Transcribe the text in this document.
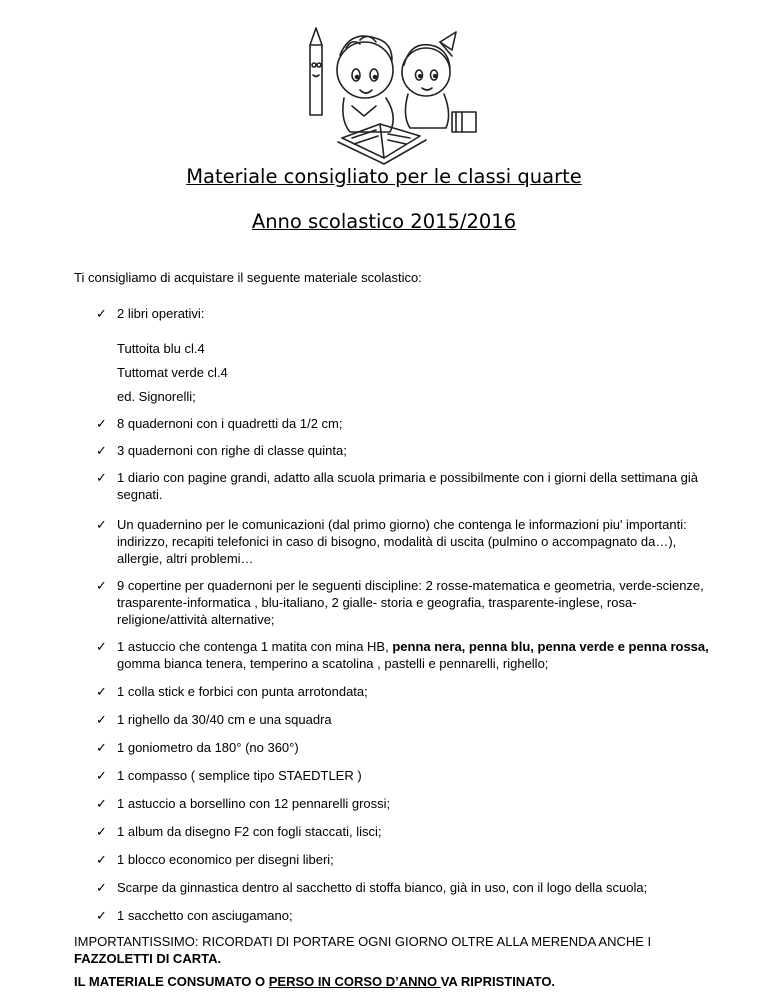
Materiale consigliato per le classi quarte
Anno scolastico 2015/2016
Ti consigliamo di acquistare il seguente materiale scolastico:
✓ 2 libri operativi:
Tuttoita blu cl.4
Tuttomat verde cl.4
ed. Signorelli;
✓ 8 quadernoni con i quadretti da 1/2 cm;
✓ 3 quadernoni con righe di classe quinta;
✓ 1 diario con pagine grandi, adatto alla scuola primaria e possibilmente con i giorni della settimana già segnati.
✓ Un quadernino per le comunicazioni (dal primo giorno) che contenga le informazioni piu' importanti: indirizzo, recapiti telefonici in caso di bisogno, modalità di uscita (pulmino o accompagnato da…), allergie, altri problemi…
✓ 9 copertine per quadernoni per le seguenti discipline: 2 rosse-matematica e geometria, verde-scienze, trasparente-informatica , blu-italiano, 2 gialle- storia e geografia, trasparente-inglese, rosa-religione/attività alternative;
✓ 1 astuccio che contenga 1 matita con mina HB, penna nera, penna blu, penna verde e penna rossa, gomma bianca tenera, temperino a scatolina , pastelli e pennarelli, righello;
✓ 1 colla stick e forbici con punta arrotondata;
✓ 1 righello da 30/40 cm e una squadra
✓ 1 goniometro da 180° (no 360°)
✓ 1 compasso ( semplice tipo STAEDTLER )
✓ 1 astuccio a borsellino con 12 pennarelli grossi;
✓ 1 album da disegno F2 con fogli staccati, lisci;
✓ 1 blocco economico per disegni liberi;
✓ Scarpe da ginnastica dentro al sacchetto di stoffa bianco, già in uso, con il logo della scuola;
✓ 1 sacchetto con asciugamano;
IMPORTANTISSIMO: RICORDATI DI PORTARE OGNI GIORNO OLTRE ALLA MERENDA ANCHE I FAZZOLETTI DI CARTA.
IL MATERIALE CONSUMATO O PERSO IN CORSO D’ANNO VA RIPRISTINATO.
